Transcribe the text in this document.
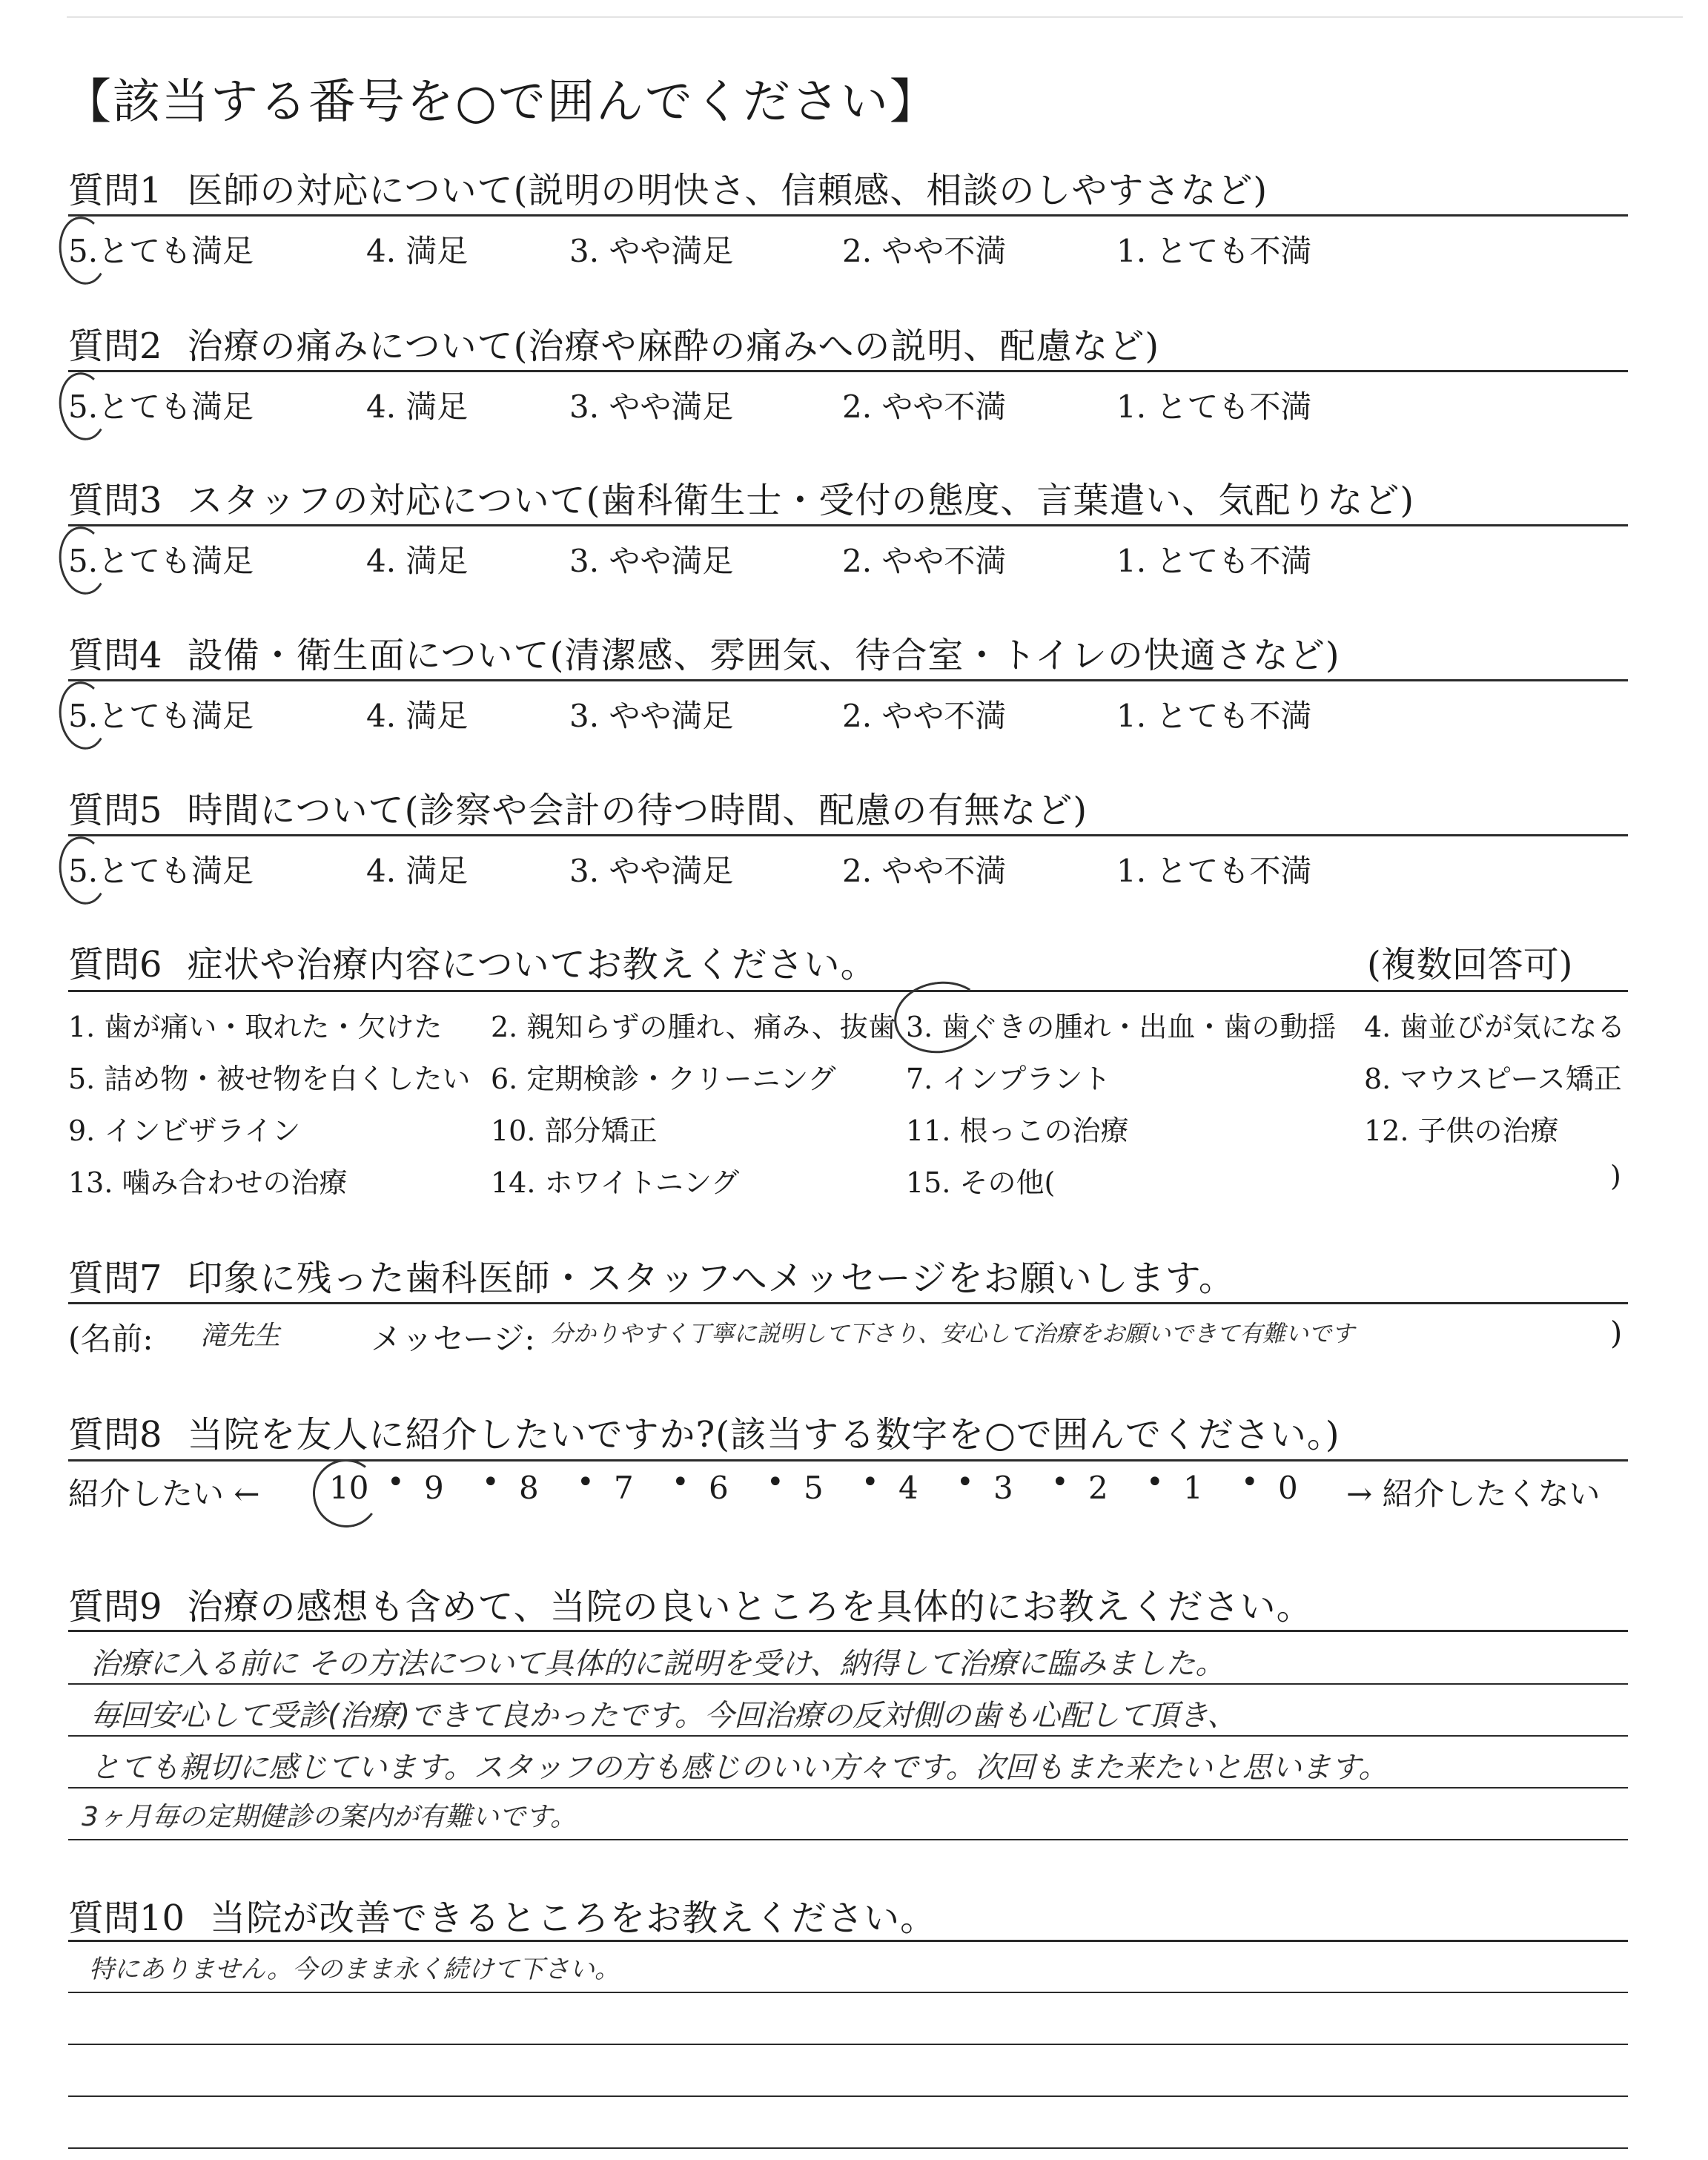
【該当する番号を○で囲んでください】
質問1 医師の対応について(説明の明快さ、信頼感、相談のしやすさなど)
5.とても満足	4. 満足	3. やや満足	2. やや不満	1. とても不満
質問2 治療の痛みについて(治療や麻酔の痛みへの説明、配慮など)
5.とても満足	4. 満足	3. やや満足	2. やや不満	1. とても不満
質問3 スタッフの対応について(歯科衛生士・受付の態度、言葉遣い、気配りなど)
5.とても満足	4. 満足	3. やや満足	2. やや不満	1. とても不満
質問4 設備・衛生面について(清潔感、雰囲気、待合室・トイレの快適さなど)
5.とても満足	4. 満足	3. やや満足	2. やや不満	1. とても不満
質問5 時間について(診察や会計の待つ時間、配慮の有無など)
5.とても満足	4. 満足	3. やや満足	2. やや不満	1. とても不満
質問6 症状や治療内容についてお教えください。	(複数回答可)
1. 歯が痛い・取れた・欠けた 2. 親知らずの腫れ、痛み、抜歯 3. 歯ぐきの腫れ・出血・歯の動揺 4. 歯並びが気になる
5. 詰め物・被せ物を白くしたい 6. 定期検診・クリーニング 7. インプラント	8. マウスピース矯正
9. インビザライン	10. 部分矯正	11. 根っこの治療	12. 子供の治療
13. 噛み合わせの治療	14. ホワイトニング	15. その他(	)
質問7 印象に残った歯科医師・スタッフへメッセージをお願いします。
(名前: 滝先生	メッセージ: 分かりやすく丁寧に説明して下さり、安心して治療をお願いできて有難いです	)
質問8 当院を友人に紹介したいですか?(該当する数字を○で囲んでください。)
紹介したい ←	→ 紹介したくない
10 • 9 • 8 • 7 • 6 • 5 • 4 • 3 • 2 • 1 • 0
質問9 治療の感想も含めて、当院の良いところを具体的にお教えください。
治療に入る前に その方法について具体的に説明を受け、納得して治療に臨みました。
毎回安心して受診(治療)できて良かったです。今回治療の反対側の歯も心配して頂き、
とても親切に感じています。スタッフの方も感じのいい方々です。次回もまた来たいと思います。
3ヶ月毎の定期健診の案内が有難いです。
質問10 当院が改善できるところをお教えください。
特にありません。今のまま永く続けて下さい。
